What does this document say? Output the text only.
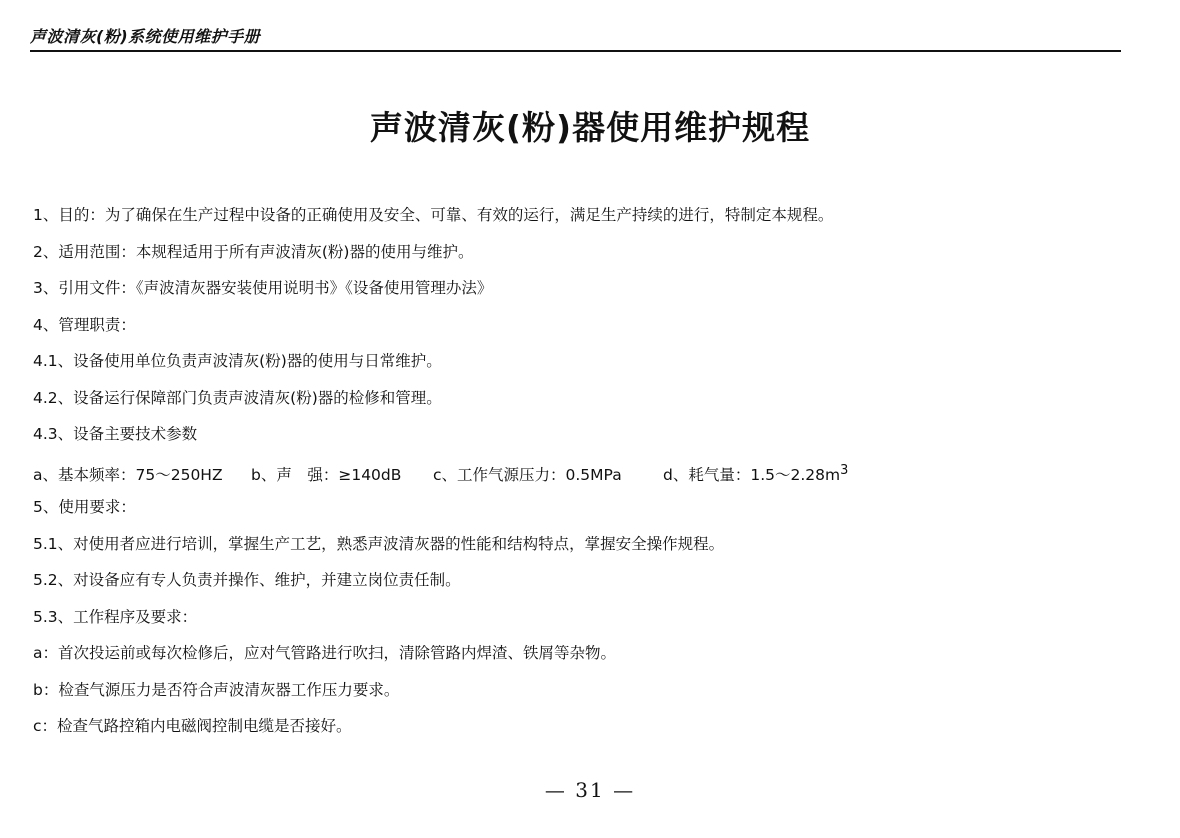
声波清灰(粉)系统使用维护手册
声波清灰(粉)器使用维护规程
1、目的：为了确保在生产过程中设备的正确使用及安全、可靠、有效的运行，满足生产持续的进行，特制定本规程。
2、适用范围：本规程适用于所有声波清灰(粉)器的使用与维护。
3、引用文件：《声波清灰器安装使用说明书》《设备使用管理办法》
4、管理职责：
4.1、设备使用单位负责声波清灰(粉)器的使用与日常维护。
4.2、设备运行保障部门负责声波清灰(粉)器的检修和管理。
4.3、设备主要技术参数
a、基本频率：75～250HZ b、声　强：≥140dB c、工作气源压力：0.5MPa	d、耗气量：$1.5\sim 2.28m^3$
5、使用要求：
5.1、对使用者应进行培训，掌握生产工艺，熟悉声波清灰器的性能和结构特点，掌握安全操作规程。
5.2、对设备应有专人负责并操作、维护，并建立岗位责任制。
5.3、工作程序及要求：
a：首次投运前或每次检修后，应对气管路进行吹扫，清除管路内焊渣、铁屑等杂物。
b：检查气源压力是否符合声波清灰器工作压力要求。
c：检查气路控箱内电磁阀控制电缆是否接好。
— 31 —
